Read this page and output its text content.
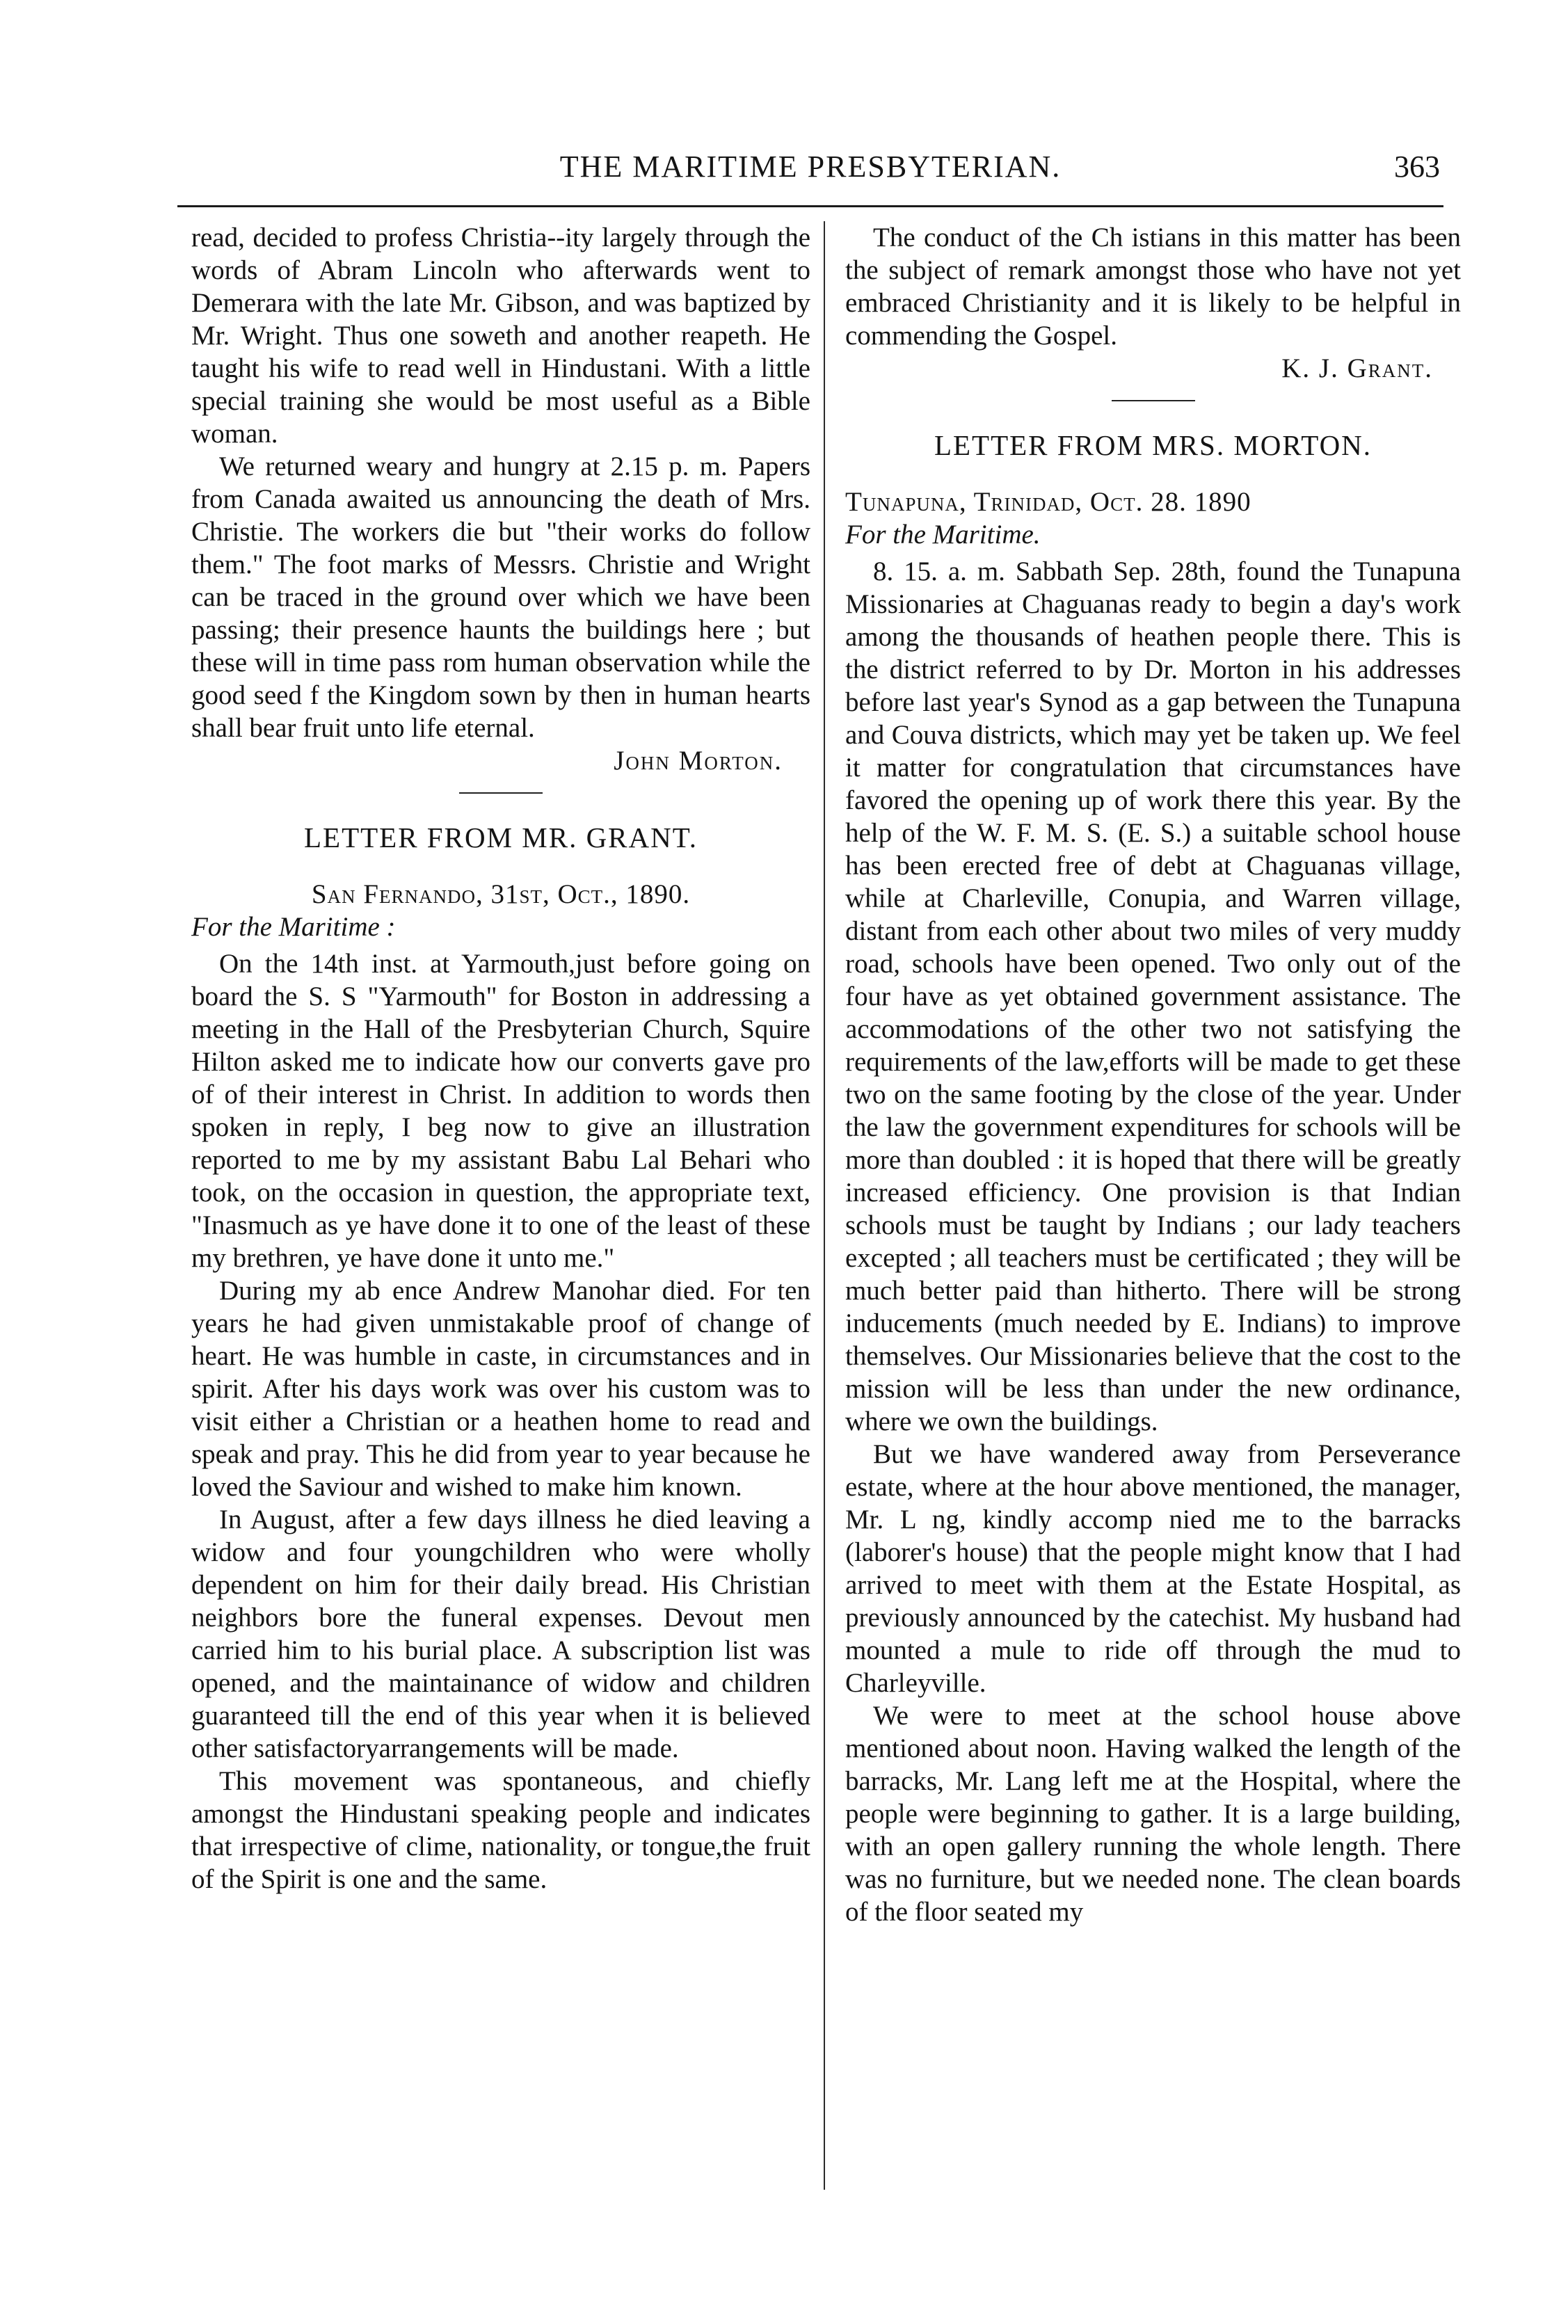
THE MARITIME PRESBYTERIAN.	363

read, decided to profess Christia--ity largely through the words of Abram Lincoln who afterwards went to Demerara with the late Mr. Gibson, and was baptized by Mr. Wright. Thus one soweth and another reapeth. He taught his wife to read well in Hindustani. With a little special training she would be most useful as a Bible woman.

We returned weary and hungry at 2.15 p. m. Papers from Canada awaited us announcing the death of Mrs. Christie. The workers die but "their works do follow them." The foot marks of Messrs. Christie and Wright can be traced in the ground over which we have been passing; their presence haunts the buildings here ; but these will in time pass rom human observation while the good seed f the Kingdom sown by then in human hearts shall bear fruit unto life eternal.

John Morton.

LETTER FROM MR. GRANT.

San Fernando, 31st, Oct., 1890.

For the Maritime :

On the 14th inst. at Yarmouth,just before going on board the S. S "Yarmouth" for Boston in addressing a meeting in the Hall of the Presbyterian Church, Squire Hilton asked me to indicate how our converts gave pro of of their interest in Christ. In addition to words then spoken in reply, I beg now to give an illustration reported to me by my assistant Babu Lal Behari who took, on the occasion in question, the appropriate text, "Inasmuch as ye have done it to one of the least of these my brethren, ye have done it unto me."

During my ab ence Andrew Manohar died. For ten years he had given unmistakable proof of change of heart. He was humble in caste, in circumstances and in spirit. After his days work was over his custom was to visit either a Christian or a heathen home to read and speak and pray. This he did from year to year because he loved the Saviour and wished to make him known.

In August, after a few days illness he died leaving a widow and four youngchildren who were wholly dependent on him for their daily bread. His Christian neighbors bore the funeral expenses. Devout men carried him to his burial place. A subscription list was opened, and the maintainance of widow and children guaranteed till the end of this year when it is believed other satisfactoryarrangements will be made.

This movement was spontaneous, and chiefly amongst the Hindustani speaking people and indicates that irrespective of clime, nationality, or tongue,the fruit of the Spirit is one and the same.

The conduct of the Ch istians in this matter has been the subject of remark amongst those who have not yet embraced Christianity and it is likely to be helpful in commending the Gospel.

K. J. Grant.

LETTER FROM MRS. MORTON.

Tunapuna, Trinidad, Oct. 28. 1890

For the Maritime.

8. 15. a. m. Sabbath Sep. 28th, found the Tunapuna Missionaries at Chaguanas ready to begin a day's work among the thousands of heathen people there. This is the district referred to by Dr. Morton in his addresses before last year's Synod as a gap between the Tunapuna and Couva districts, which may yet be taken up. We feel it matter for congratulation that circumstances have favored the opening up of work there this year. By the help of the W. F. M. S. (E. S.) a suitable school house has been erected free of debt at Chaguanas village, while at Charleville, Conupia, and Warren village, distant from each other about two miles of very muddy road, schools have been opened. Two only out of the four have as yet obtained government assistance. The accommodations of the other two not satisfying the requirements of the law,efforts will be made to get these two on the same footing by the close of the year. Under the law the government expenditures for schools will be more than doubled : it is hoped that there will be greatly increased efficiency. One provision is that Indian schools must be taught by Indians ; our lady teachers excepted ; all teachers must be certificated ; they will be much better paid than hitherto. There will be strong inducements (much needed by E. Indians) to improve themselves. Our Missionaries believe that the cost to the mission will be less than under the new ordinance, where we own the buildings.

But we have wandered away from Perseverance estate, where at the hour above mentioned, the manager, Mr. L ng, kindly accomp nied me to the barracks (laborer's house) that the people might know that I had arrived to meet with them at the Estate Hospital, as previously announced by the catechist. My husband had mounted a mule to ride off through the mud to Charleyville.

We were to meet at the school house above mentioned about noon. Having walked the length of the barracks, Mr. Lang left me at the Hospital, where the people were beginning to gather. It is a large building, with an open gallery running the whole length. There was no furniture, but we needed none. The clean boards of the floor seated my
